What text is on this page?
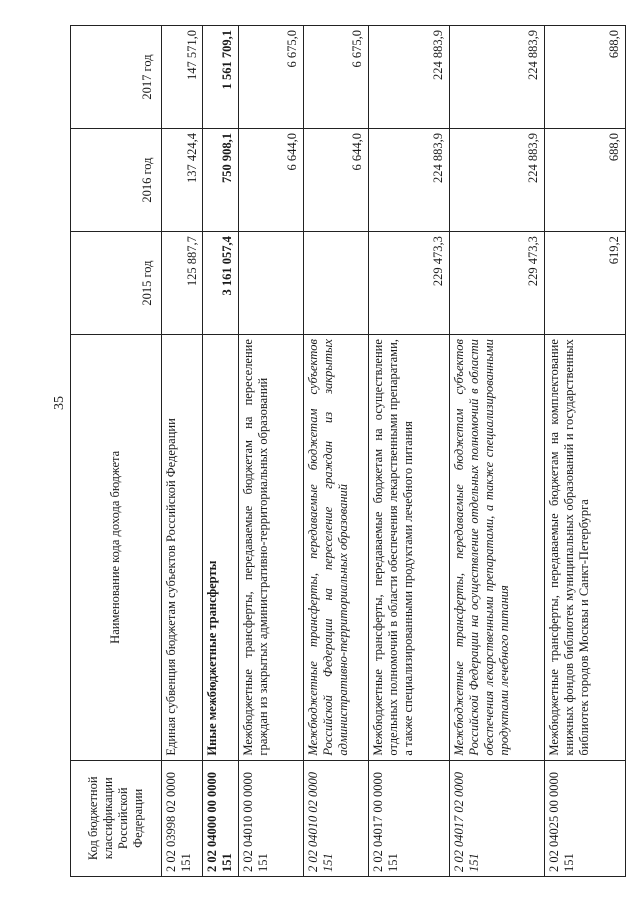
35
Код бюджетной классификации Российской Федерации	Наименование кода дохода бюджета	2015 год	2016 год	2017 год
2 02 03998 02 0000 151	Единая субвенция бюджетам субъектов Российской Федерации	125 887,7	137 424,4	147 571,0
2 02 04000 00 0000 151	Иные межбюджетные трансферты	3 161 057,4	750 908,1	1 561 709,1
2 02 04010 00 0000 151	Межбюджетные трансферты, передаваемые бюджетам на переселение граждан из закрытых административно-территориальных образований		6 644,0	6 675,0
2 02 04010 02 0000 151	Межбюджетные трансферты, передаваемые бюджетам субъектов Российской Федерации на переселение граждан из закрытых административно-территориальных образований		6 644,0	6 675,0
2 02 04017 00 0000 151	Межбюджетные трансферты, передаваемые бюджетам на осуществление отдельных полномочий в области обеспечения лекарственными препаратами, а также специализированными продуктами лечебного питания	229 473,3	224 883,9	224 883,9
2 02 04017 02 0000 151	Межбюджетные трансферты, передаваемые бюджетам субъектов Российской Федерации на осуществление отдельных полномочий в области обеспечения лекарственными препаратами, а также специализированными продуктами лечебного питания	229 473,3	224 883,9	224 883,9
2 02 04025 00 0000 151	Межбюджетные трансферты, передаваемые бюджетам на комплектование книжных фондов библиотек муниципальных образований и государственных библиотек городов Москвы и Санкт-Петербурга	619,2	688,0	688,0
